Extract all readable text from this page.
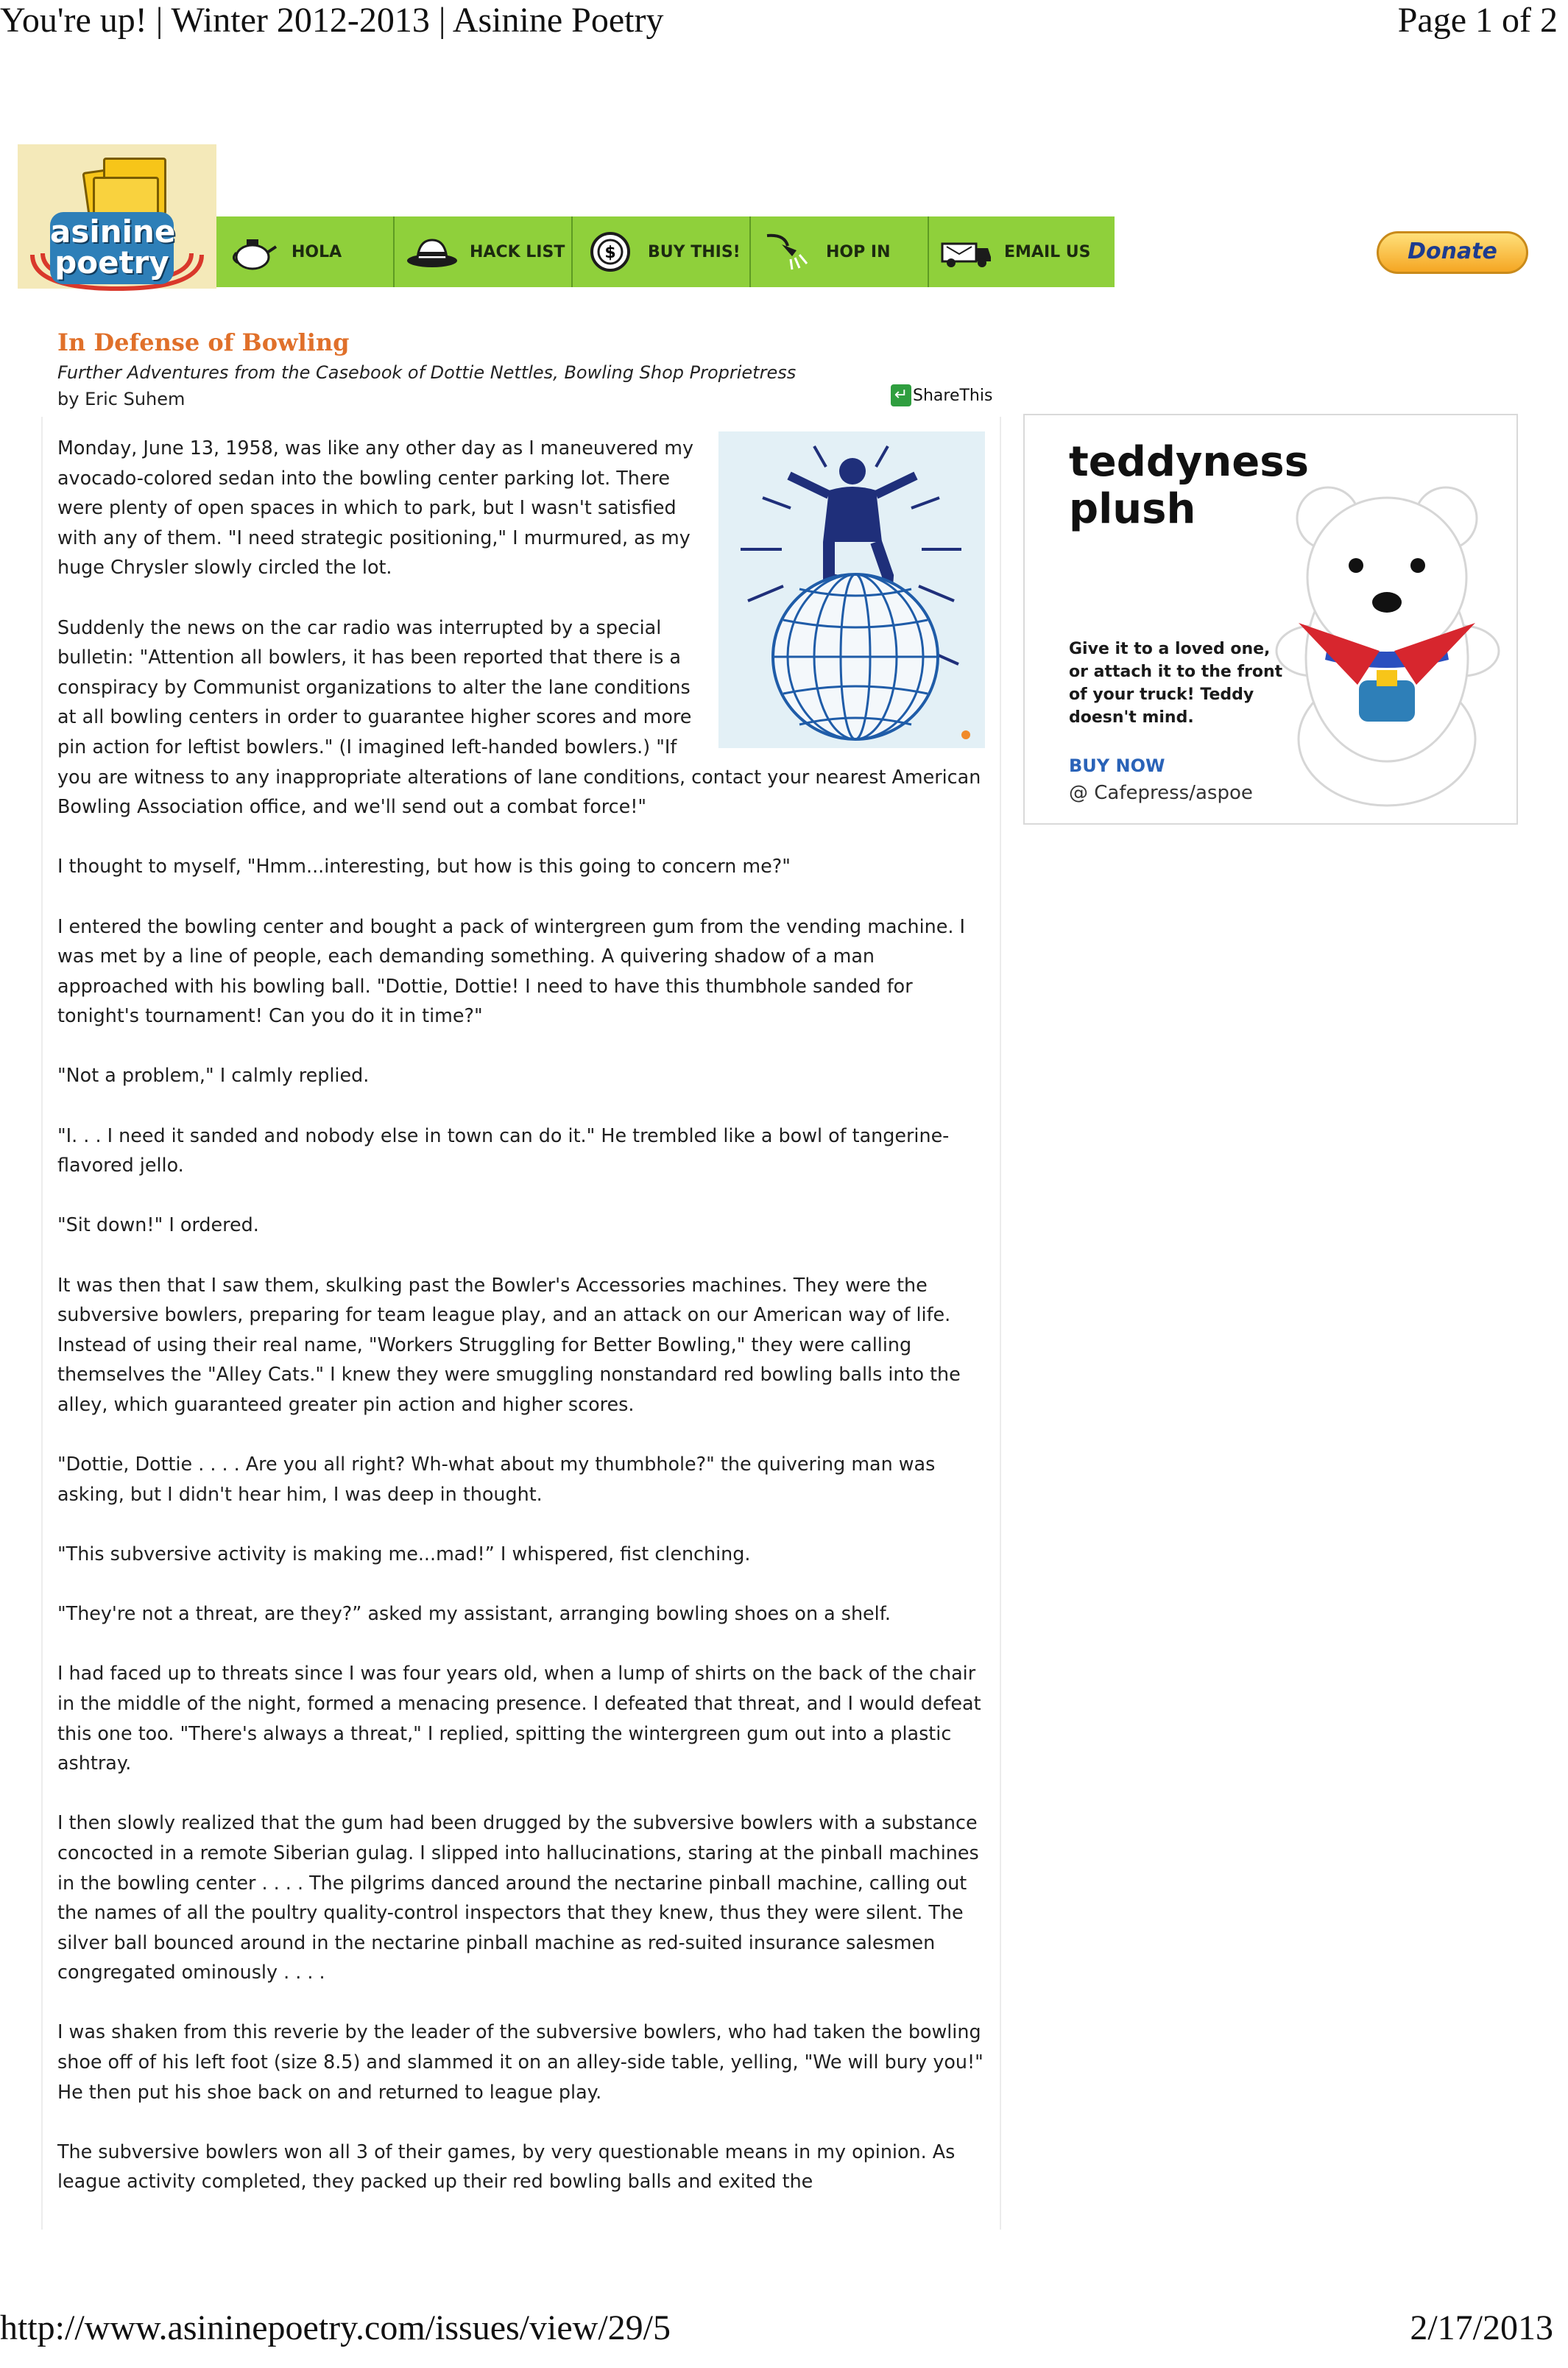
You're up! | Winter 2012-2013 | Asinine Poetry	Page 1 of 2
asinine
poetry	HOLA	HACK LIST $ BUY THIS!	HOP IN	EMAIL US	Donate
In Defense of Bowling
Further Adventures from the Casebook of Dottie Nettles, Bowling Shop Proprietress
by Eric Suhem	↵ ShareThis

Monday, June 13, 1958, was like any other day as I maneuvered my avocado-colored sedan into the bowling center parking lot. There were plenty of open spaces in which to park, but I wasn't satisfied with any of them. "I need strategic positioning," I murmured, as my huge Chrysler slowly circled the lot.

Suddenly the news on the car radio was interrupted by a special bulletin: "Attention all bowlers, it has been reported that there is a conspiracy by Communist organizations to alter the lane conditions at all bowling centers in order to guarantee higher scores and more pin action for leftist bowlers." (I imagined left-handed bowlers.) "If you are witness to any inappropriate alterations of lane conditions, contact your nearest American Bowling Association office, and we'll send out a combat force!"

I thought to myself, "Hmm...interesting, but how is this going to concern me?"

I entered the bowling center and bought a pack of wintergreen gum from the vending machine. I was met by a line of people, each demanding something. A quivering shadow of a man approached with his bowling ball. "Dottie, Dottie! I need to have this thumbhole sanded for tonight's tournament! Can you do it in time?"

"Not a problem," I calmly replied.

"I. . . I need it sanded and nobody else in town can do it." He trembled like a bowl of tangerine-flavored jello.

"Sit down!" I ordered.

It was then that I saw them, skulking past the Bowler's Accessories machines. They were the subversive bowlers, preparing for team league play, and an attack on our American way of life. Instead of using their real name, "Workers Struggling for Better Bowling," they were calling themselves the "Alley Cats." I knew they were smuggling nonstandard red bowling balls into the alley, which guaranteed greater pin action and higher scores.

"Dottie, Dottie . . . . Are you all right? Wh-what about my thumbhole?" the quivering man was asking, but I didn't hear him, I was deep in thought.

"This subversive activity is making me...mad!” I whispered, fist clenching.

"They're not a threat, are they?” asked my assistant, arranging bowling shoes on a shelf.

I had faced up to threats since I was four years old, when a lump of shirts on the back of the chair in the middle of the night, formed a menacing presence. I defeated that threat, and I would defeat this one too. "There's always a threat," I replied, spitting the wintergreen gum out into a plastic ashtray.

I then slowly realized that the gum had been drugged by the subversive bowlers with a substance concocted in a remote Siberian gulag. I slipped into hallucinations, staring at the pinball machines in the bowling center . . . . The pilgrims danced around the nectarine pinball machine, calling out the names of all the poultry quality-control inspectors that they knew, thus they were silent. The silver ball bounced around in the nectarine pinball machine as red-suited insurance salesmen congregated ominously . . . .

I was shaken from this reverie by the leader of the subversive bowlers, who had taken the bowling shoe off of his left foot (size 8.5) and slammed it on an alley-side table, yelling, "We will bury you!" He then put his shoe back on and returned to league play.

The subversive bowlers won all 3 of their games, by very questionable means in my opinion. As league activity completed, they packed up their red bowling balls and exited the

teddyness plush
Give it to a loved one, or attach it to the front of your truck! Teddy doesn't mind.
BUY NOW
@ Cafepress/aspoe
http://www.asininepoetry.com/issues/view/29/5	2/17/2013
